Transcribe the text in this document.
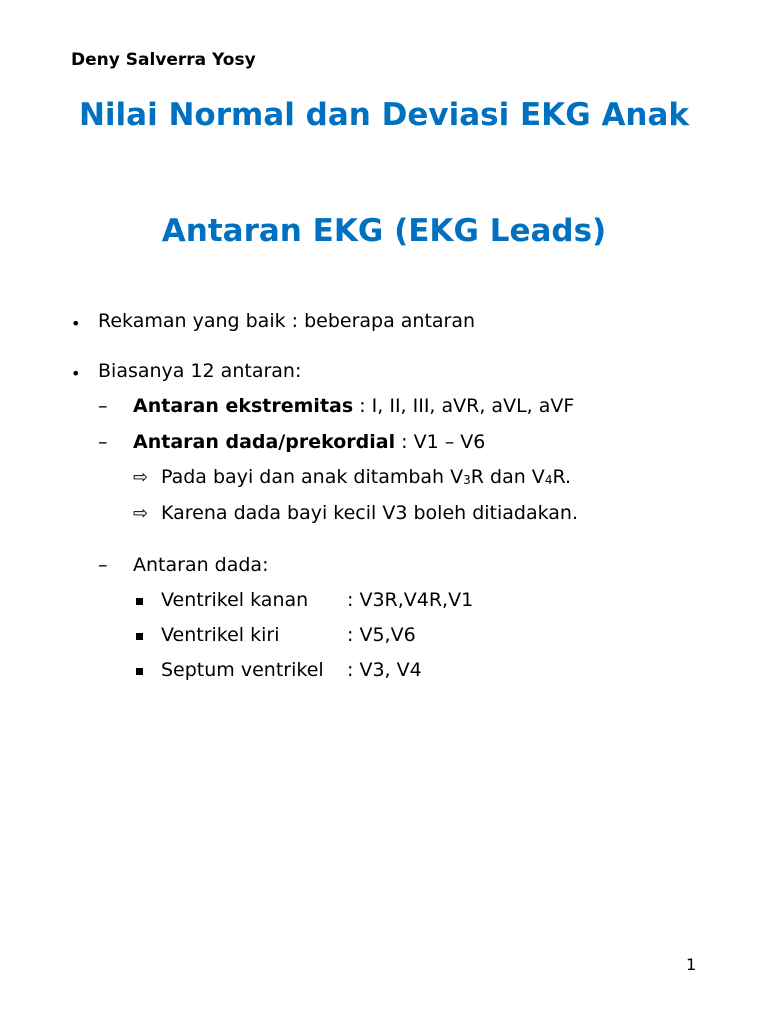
Deny Salverra Yosy
Nilai Normal dan Deviasi EKG Anak
Antaran EKG (EKG Leads)
• Rekaman yang baik : beberapa antaran
• Biasanya 12 antaran:
– Antaran ekstremitas : I, II, III, aVR, aVL, aVF
– Antaran dada/prekordial : V1 – V6
⇨ Pada bayi dan anak ditambah $V_3R$ dan $V_4R$.
⇨ Karena dada bayi kecil V3 boleh ditiadakan.
– Antaran dada:
Ventrikel kanan : V3R,V4R,V1
Ventrikel kiri	: V5,V6
Septum ventrikel : V3, V4
1
